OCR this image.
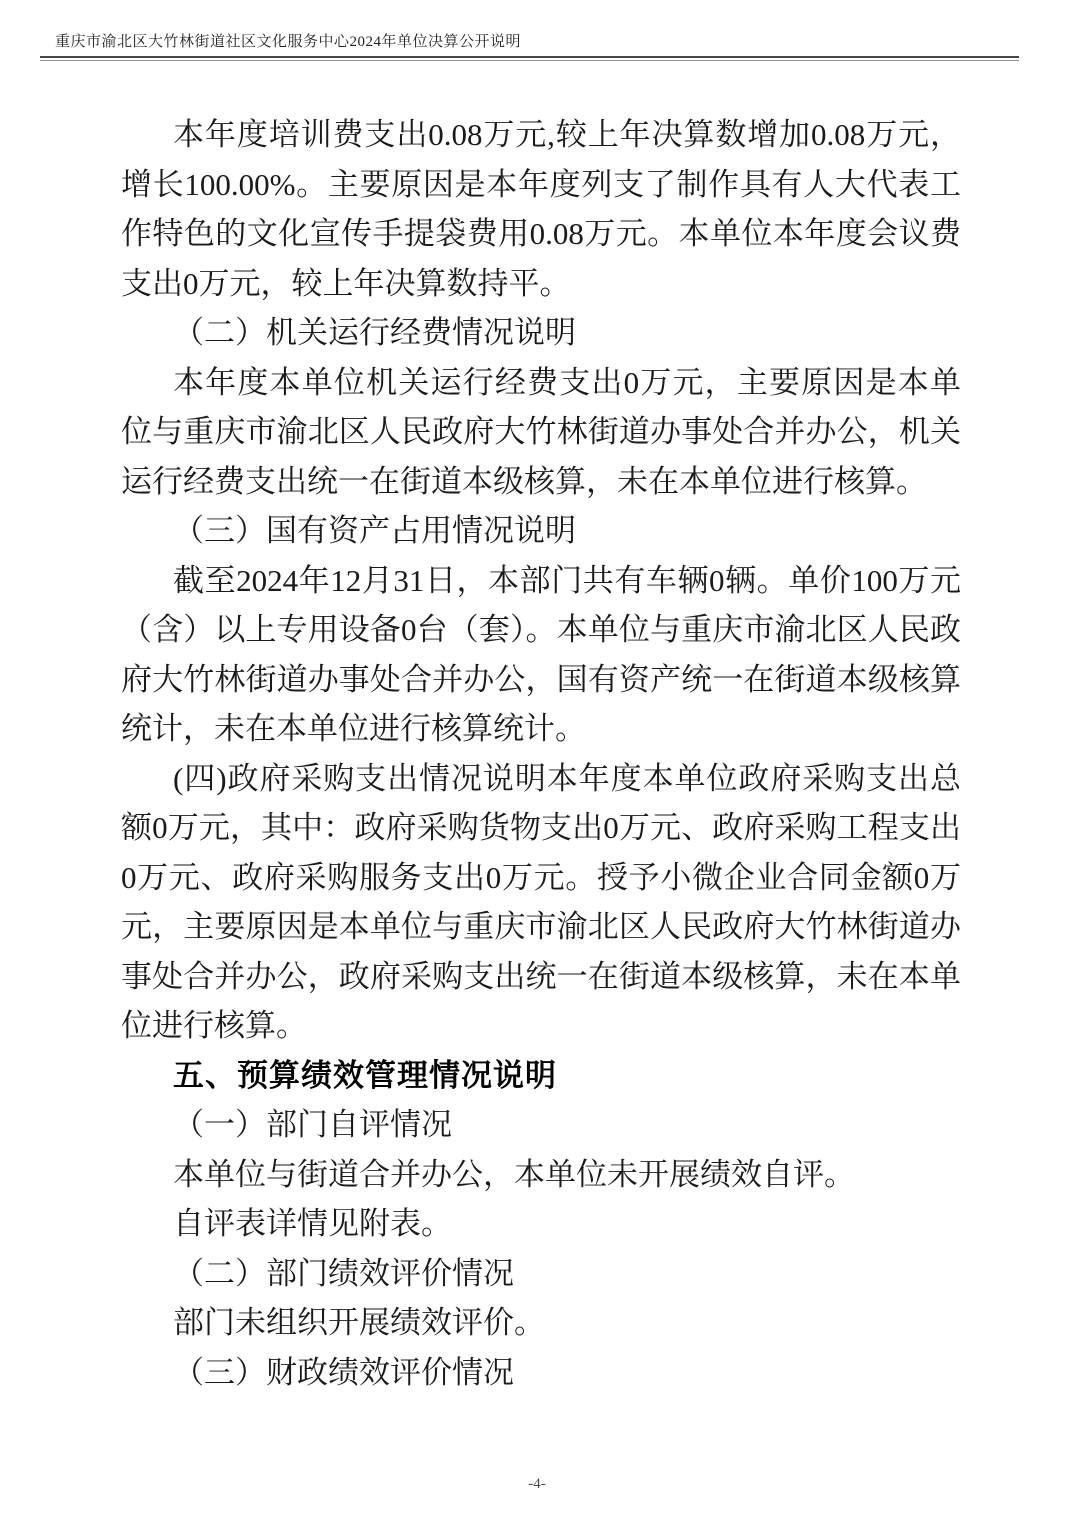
重庆市渝北区大竹林街道社区文化服务中心2024年单位决算公开说明

本年度培训费支出0.08万元,较上年决算数增加0.08万元，增长100.00%。主要原因是本年度列支了制作具有人大代表工作特色的文化宣传手提袋费用0.08万元。本单位本年度会议费支出0万元，较上年决算数持平。

（二）机关运行经费情况说明

本年度本单位机关运行经费支出0万元，主要原因是本单位与重庆市渝北区人民政府大竹林街道办事处合并办公，机关运行经费支出统一在街道本级核算，未在本单位进行核算。

（三）国有资产占用情况说明

截至2024年12月31日，本部门共有车辆0辆。单价100万元（含）以上专用设备0台（套）。本单位与重庆市渝北区人民政府大竹林街道办事处合并办公，国有资产统一在街道本级核算统计，未在本单位进行核算统计。

(四)政府采购支出情况说明本年度本单位政府采购支出总额0万元，其中：政府采购货物支出0万元、政府采购工程支出0万元、政府采购服务支出0万元。授予小微企业合同金额0万元，主要原因是本单位与重庆市渝北区人民政府大竹林街道办事处合并办公，政府采购支出统一在街道本级核算，未在本单位进行核算。

五、预算绩效管理情况说明

（一）部门自评情况

本单位与街道合并办公，本单位未开展绩效自评。

自评表详情见附表。

（二）部门绩效评价情况

部门未组织开展绩效评价。

（三）财政绩效评价情况

-4-
